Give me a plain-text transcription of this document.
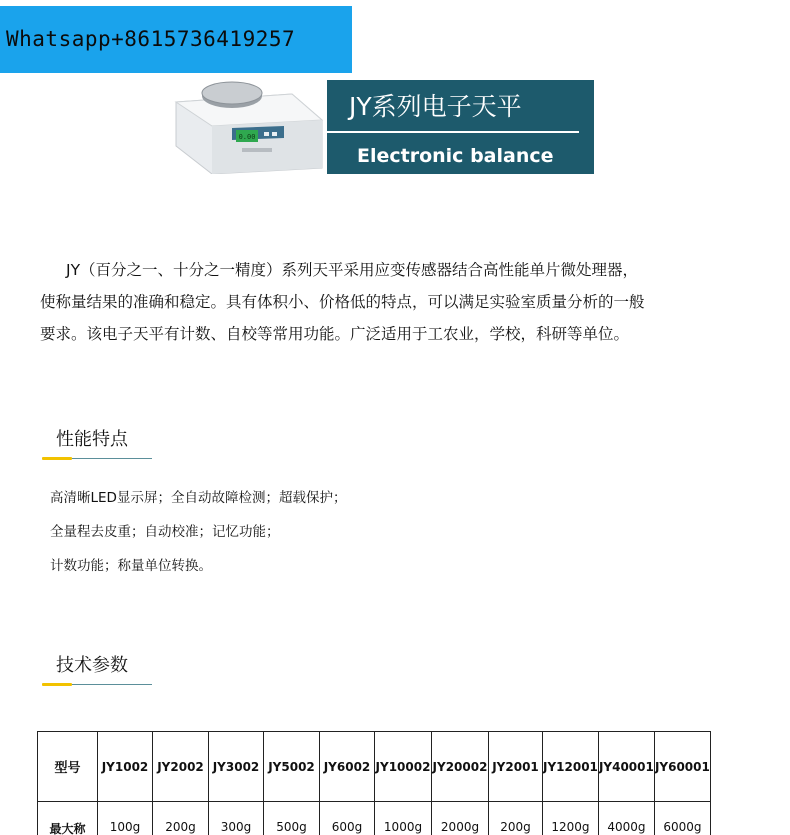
Whatsapp+8615736419257
0.00
JY系列电子天平
Electronic balance

JY（百分之一、十分之一精度）系列天平采用应变传感器结合高性能单片微处理器，

使称量结果的准确和稳定。具有体积小、价格低的特点，可以满足实验室质量分析的一般

要求。该电子天平有计数、自校等常用功能。广泛适用于工农业，学校，科研等单位。

性能特点
高清晰LED显示屏；全自动故障检测；超载保护；
全量程去皮重；自动校准；记忆功能；
计数功能；称量单位转换。
技术参数
型号	JY1002	JY2002	JY3002	JY5002	JY6002	JY10002	JY20002	JY2001	JY12001	JY40001	JY60001
最大称	100g	200g	300g	500g	600g	1000g	2000g	200g	1200g	4000g	6000g
